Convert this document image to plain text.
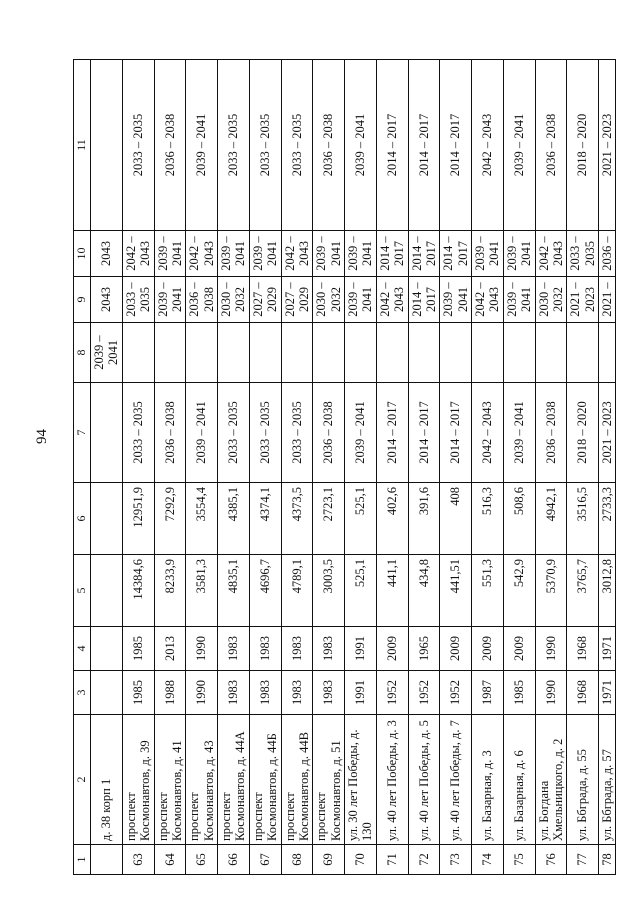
94
1	2	3	4	5	6	7	8	9	10	11
	д. 38 корп 1						2039 – 2041	2043	2043	
63	проспект Космонавтов, д. 39	1985	1985	14384,6	12951,9	2033 – 2035		2033 – 2035	2042 – 2043	2033 – 2035
64	проспект Космонавтов, д. 41	1988	2013	8233,9	7292,9	2036 – 2038		2039 – 2041	2039 – 2041	2036 – 2038
65	проспект Космонавтов, д. 43	1990	1990	3581,3	3554,4	2039 – 2041		2036 – 2038	2042 – 2043	2039 – 2041
66	проспект Космонавтов, д. 44А	1983	1983	4835,1	4385,1	2033 – 2035		2030 – 2032	2039 – 2041	2033 – 2035
67	проспект Космонавтов, д. 44Б	1983	1983	4696,7	4374,1	2033 – 2035		2027 – 2029	2039 – 2041	2033 – 2035
68	проспект Космонавтов, д. 44В	1983	1983	4789,1	4373,5	2033 – 2035		2027 – 2029	2042 – 2043	2033 – 2035
69	проспект Космонавтов, д. 51	1983	1983	3003,5	2723,1	2036 – 2038		2030 – 2032	2039 – 2041	2036 – 2038
70	ул. 30 лет Победы, д. 130	1991	1991	525,1	525,1	2039 – 2041		2039 – 2041	2039 – 2041	2039 – 2041
71	ул. 40 лет Победы, д. 3	1952	2009	441,1	402,6	2014 – 2017		2042 – 2043	2014 – 2017	2014 – 2017
72	ул. 40 лет Победы, д. 5	1952	1965	434,8	391,6	2014 – 2017		2014 – 2017	2014 – 2017	2014 – 2017
73	ул. 40 лет Победы, д. 7	1952	2009	441,51	408	2014 – 2017		2039 – 2041	2014 – 2017	2014 – 2017
74	ул. Базарная, д. 3	1987	2009	551,3	516,3	2042 – 2043		2042 – 2043	2039 – 2041	2042 – 2043
75	ул. Базарная, д. 6	1985	2009	542,9	508,6	2039 – 2041		2039 – 2041	2039 – 2041	2039 – 2041
76	ул. Богдана Хмельницкого, д. 2	1990	1990	5370,9	4942,1	2036 – 2038		2030 – 2032	2042 – 2043	2036 – 2038
77	ул. Ббграда, д. 55	1968	1968	3765,7	3516,5	2018 – 2020		2021 – 2023	2033 – 2035	2018 – 2020
78	ул. Ббграда, д. 57	1971	1971	3012,8	2733,3	2021 – 2023		2021 –	2036 –	2021 – 2023
